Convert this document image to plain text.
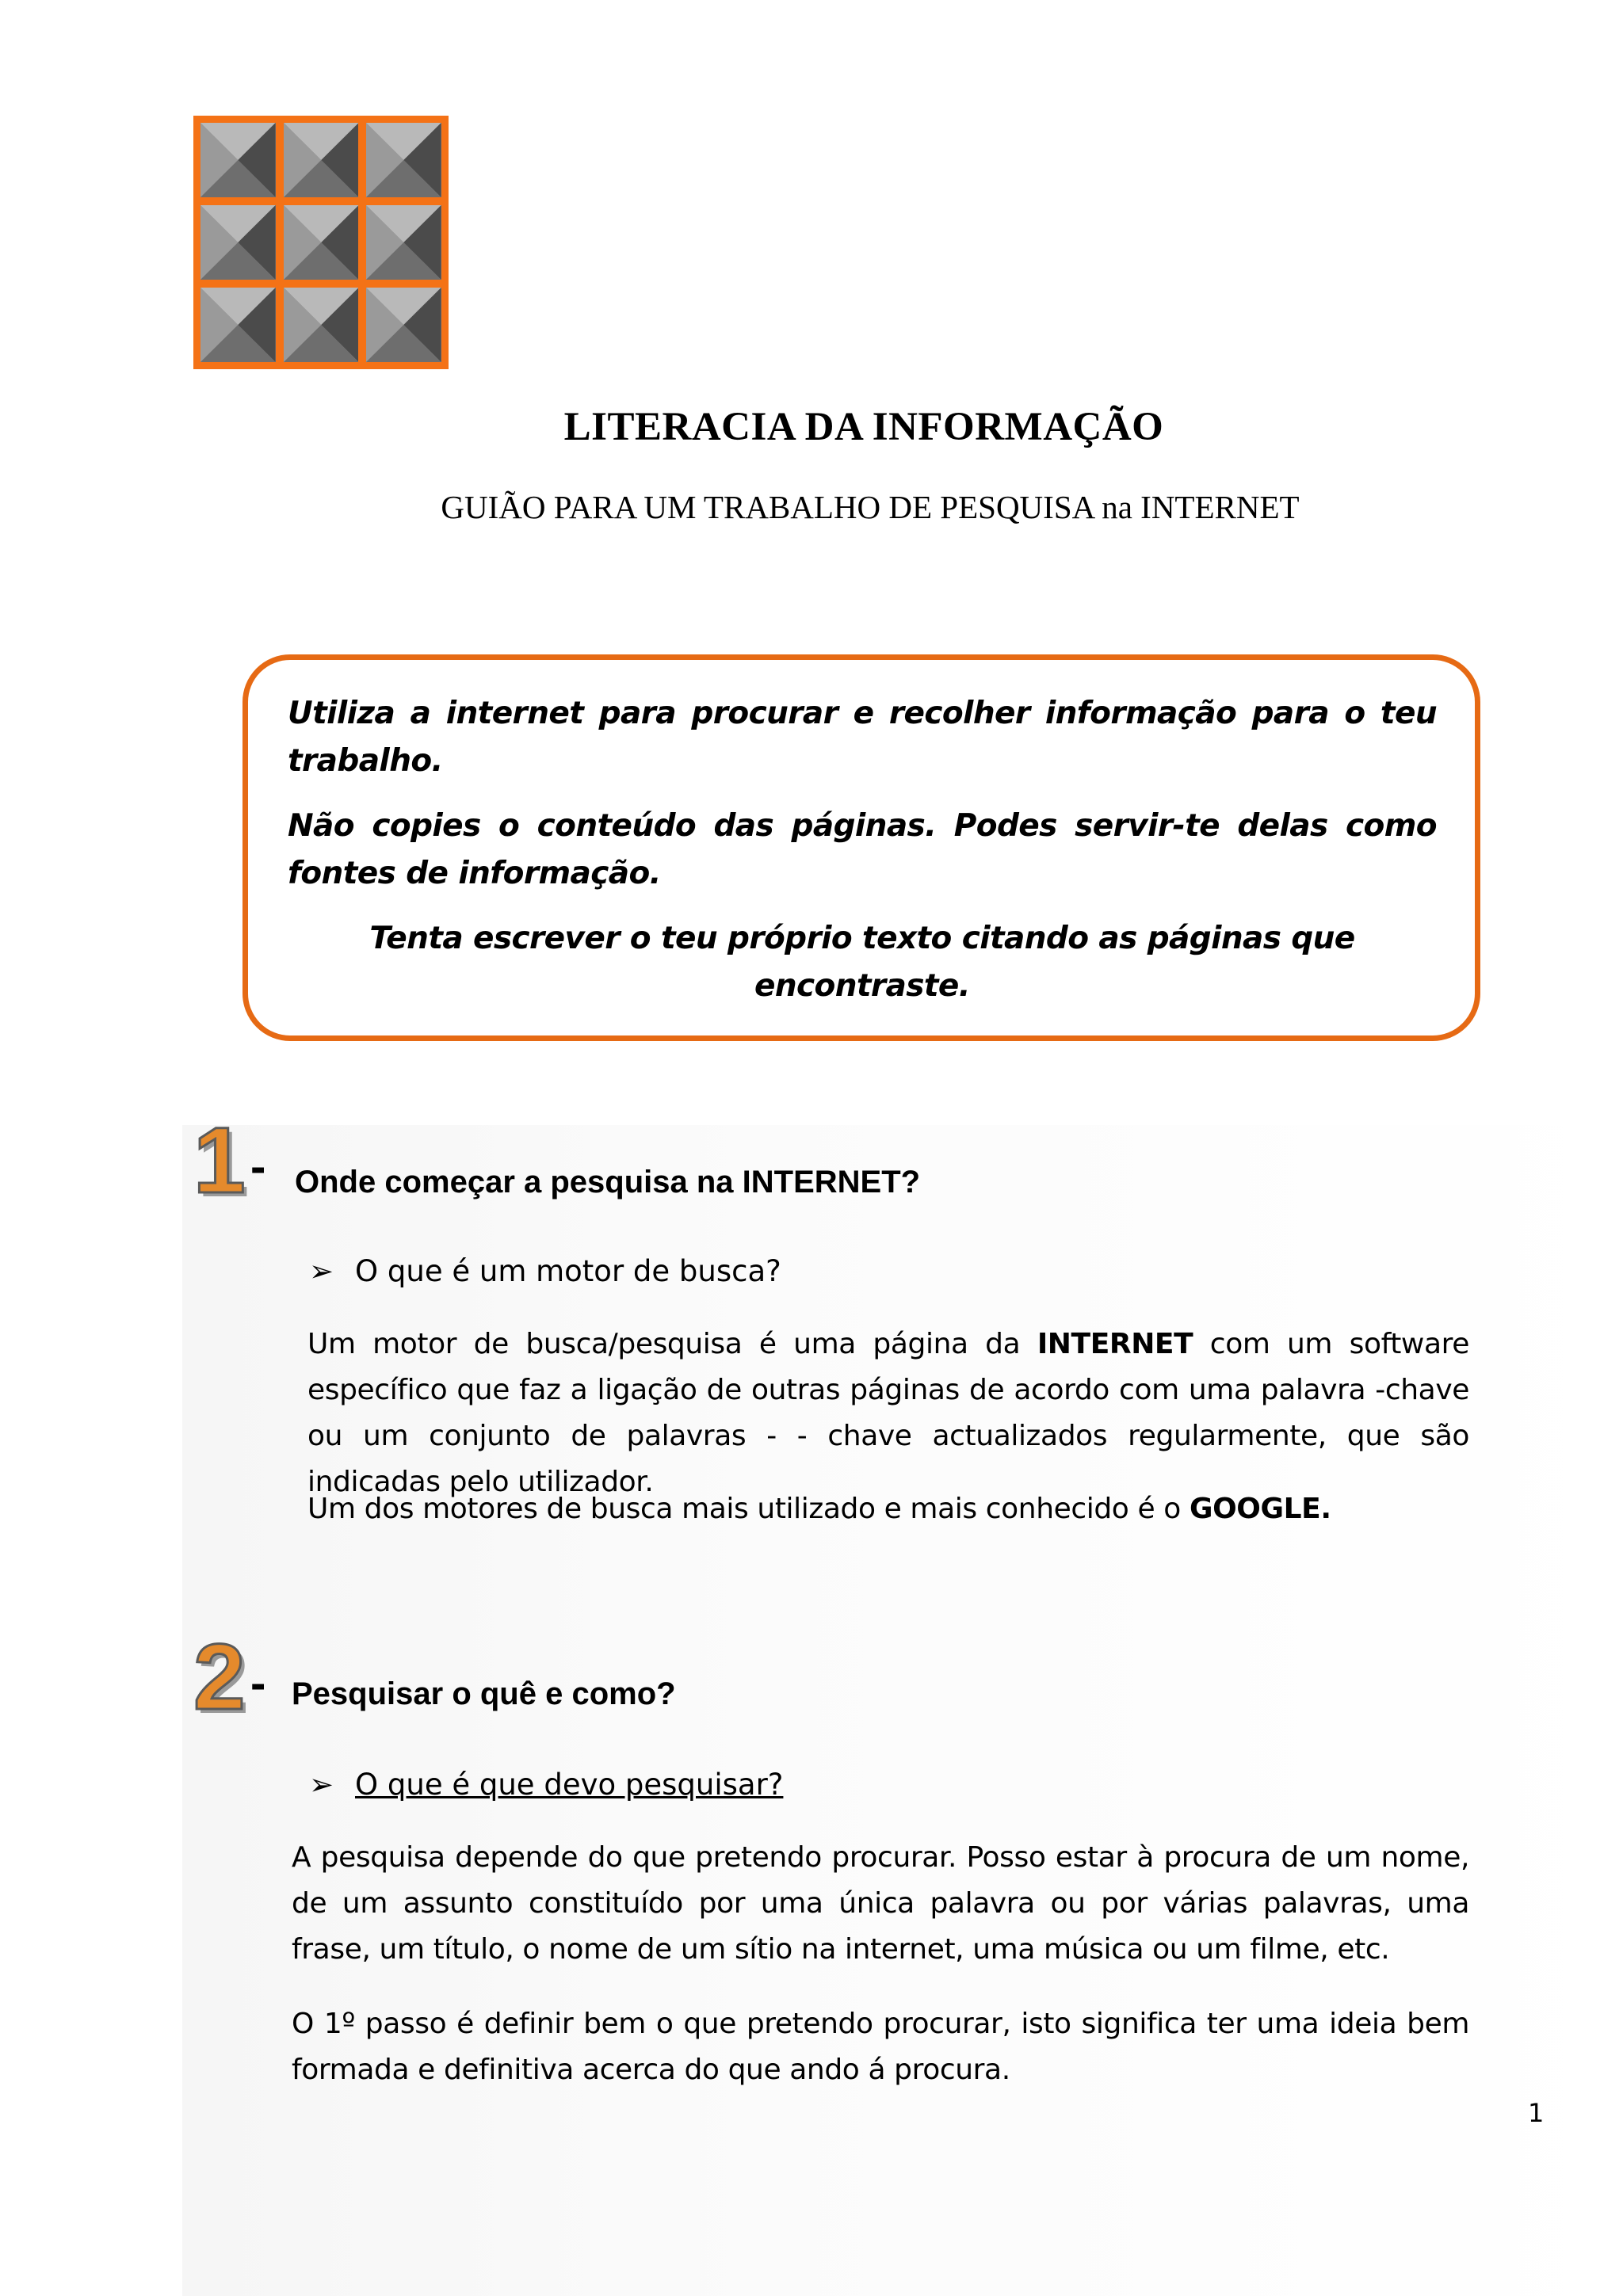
LITERACIA DA INFORMAÇÃO
GUIÃO PARA UM TRABALHO DE PESQUISA na INTERNET

Utiliza a internet para procurar e recolher informação para o teu trabalho.

Não copies o conteúdo das páginas. Podes servir-te delas como fontes de informação.

Tenta escrever o teu próprio texto citando as páginas que encontraste.

1 - Onde começar a pesquisa na INTERNET?
➢ O que é um motor de busca?

Um motor de busca/pesquisa é uma página da INTERNET com um software específico que faz a ligação de outras páginas de acordo com uma palavra -chave ou um conjunto de palavras - - chave actualizados regularmente, que são indicadas pelo utilizador.

Um dos motores de busca mais utilizado e mais conhecido é o GOOGLE.

2 - Pesquisar o quê e como?
➢ O que é que devo pesquisar?

A pesquisa depende do que pretendo procurar. Posso estar à procura de um nome, de um assunto constituído por uma única palavra ou por várias palavras, uma frase, um título, o nome de um sítio na internet, uma música ou um filme, etc.

O 1º passo é definir bem o que pretendo procurar, isto significa ter uma ideia bem formada e definitiva acerca do que ando á procura.

1
